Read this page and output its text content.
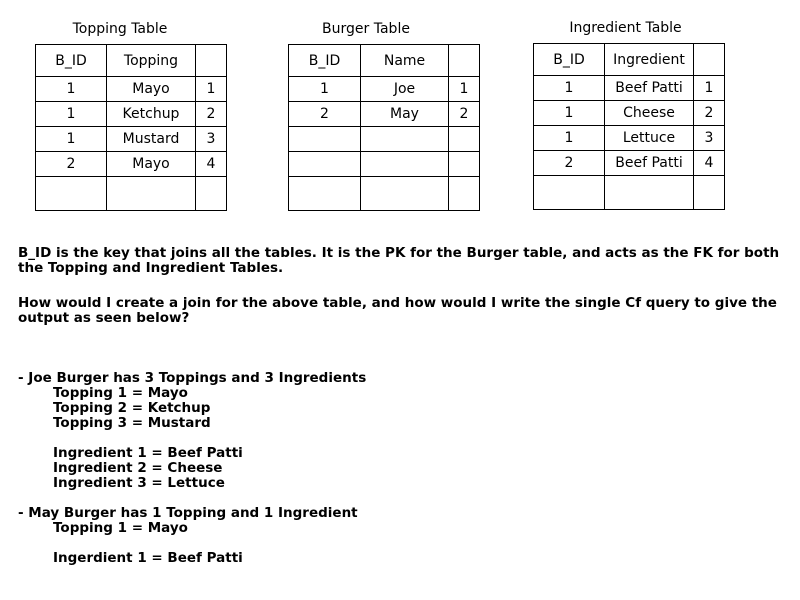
Topping Table
B_ID	Topping	
1	Mayo	1
1	Ketchup	2
1	Mustard	3
2	Mayo	4

Burger Table
B_ID	Name	
1	Joe	1
2	May	2

Ingredient Table
B_ID	Ingredient	
1	Beef Patti	1
1	Cheese	2
1	Lettuce	3
2	Beef Patti	4

B_ID is the key that joins all the tables. It is the PK for the Burger table, and acts as the FK for both the Topping and Ingredient Tables.
How would I create a join for the above table, and how would I write the single Cf query to give the output as seen below?
- Joe Burger has 3 Toppings and 3 Ingredients
Topping 1 = Mayo
Topping 2 = Ketchup
Topping 3 = Mustard
Ingredient 1 = Beef Patti
Ingredient 2 = Cheese
Ingredient 3 = Lettuce
- May Burger has 1 Topping and 1 Ingredient
Topping 1 = Mayo
Ingerdient 1 = Beef Patti
